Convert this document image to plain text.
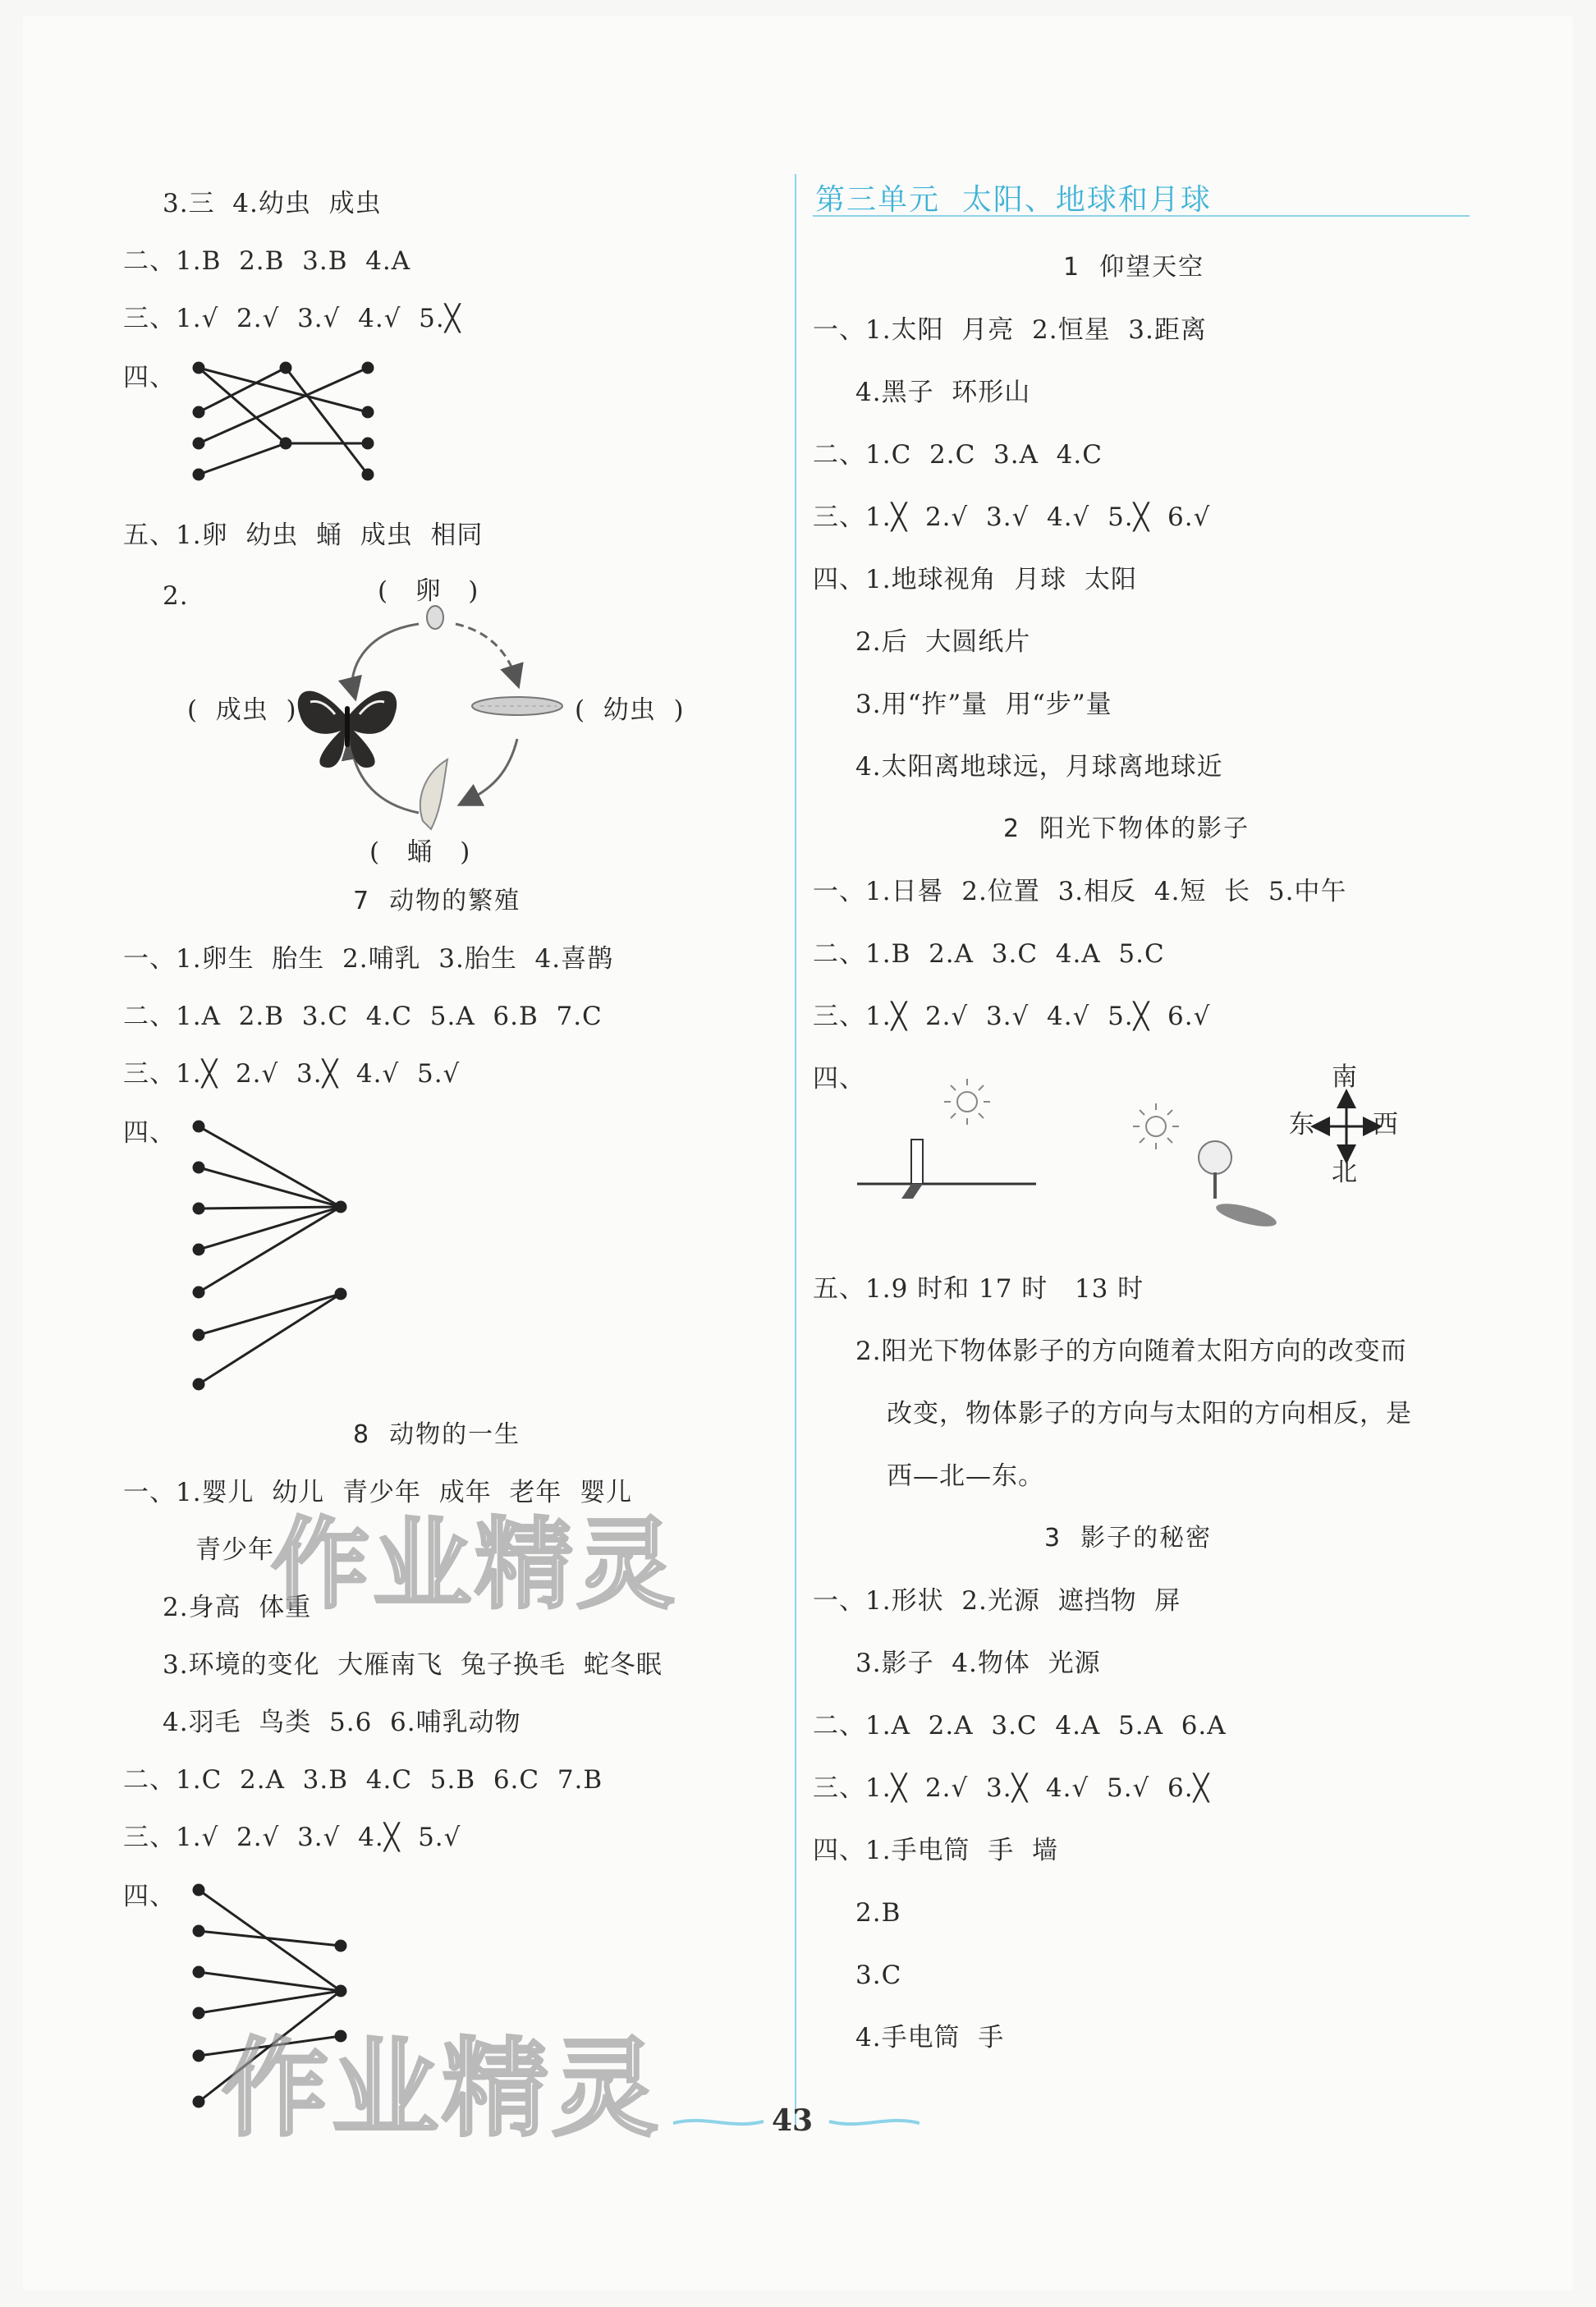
3.三  4.幼虫  成虫
二、1.B  2.B  3.B  4.A
三、1.√  2.√  3.√  4.√  5.╳
四、
五、1.卵  幼虫  蛹  成虫  相同
2.	(   卵   )
(  成虫  )	(  幼虫  )
(   蛹   )
7  动物的繁殖
一、1.卵生  胎生  2.哺乳  3.胎生  4.喜鹊
二、1.A  2.B  3.C  4.C  5.A  6.B  7.C
三、1.╳  2.√  3.╳  4.√  5.√
四、
8  动物的一生
一、1.婴儿  幼儿  青少年  成年  老年  婴儿
青少年
2.身高  体重
3.环境的变化  大雁南飞  兔子换毛  蛇冬眠
4.羽毛  鸟类  5.6  6.哺乳动物
二、1.C  2.A  3.B  4.C  5.B  6.C  7.B
三、1.√  2.√  3.√  4.╳  5.√
四、
第三单元  太阳、地球和月球
1  仰望天空
一、1.太阳  月亮  2.恒星  3.距离
4.黑子  环形山
二、1.C  2.C  3.A  4.C
三、1.╳  2.√  3.√  4.√  5.╳  6.√
四、1.地球视角  月球  太阳
2.后  大圆纸片
3.用“拃”量  用“步”量
4.太阳离地球远，月球离地球近
2  阳光下物体的影子
一、1.日晷  2.位置  3.相反  4.短  长  5.中午
二、1.B  2.A  3.C  4.A  5.C
三、1.╳  2.√  3.√  4.√  5.╳  6.√
四、	南
东 西
北
五、1.9 时和 17 时   13 时
2.阳光下物体影子的方向随着太阳方向的改变而
改变，物体影子的方向与太阳的方向相反，是
西—北—东。
3  影子的秘密
一、1.形状  2.光源  遮挡物  屏
3.影子  4.物体  光源
二、1.A  2.A  3.C  4.A  5.A  6.A
三、1.╳  2.√  3.╳  4.√  5.√  6.╳
四、1.手电筒  手  墙
2.B
3.C
4.手电筒  手
作业精灵
作业精灵	43
